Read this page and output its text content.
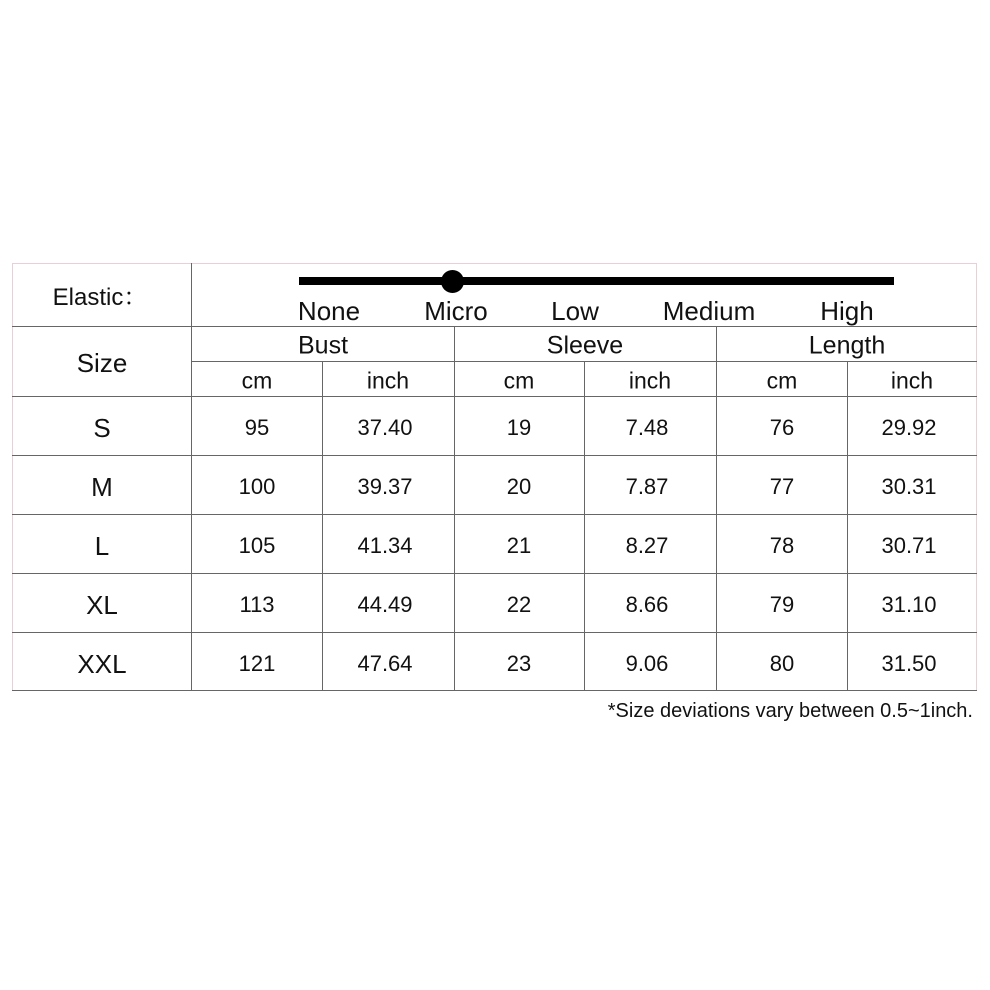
Elastic：	None Micro Low Medium	High
Size
Bust	Sleeve	Length
cm	inch	cm	inch	cm	inch
S	95	37.40	19	7.48	76	29.92
M	100	39.37	20	7.87	77	30.31
L	105	41.34	21	8.27	78	30.71
XL	113	44.49	22	8.66	79	31.10
XXL	121	47.64	23	9.06	80	31.50
*Size deviations vary between 0.5~1inch.
